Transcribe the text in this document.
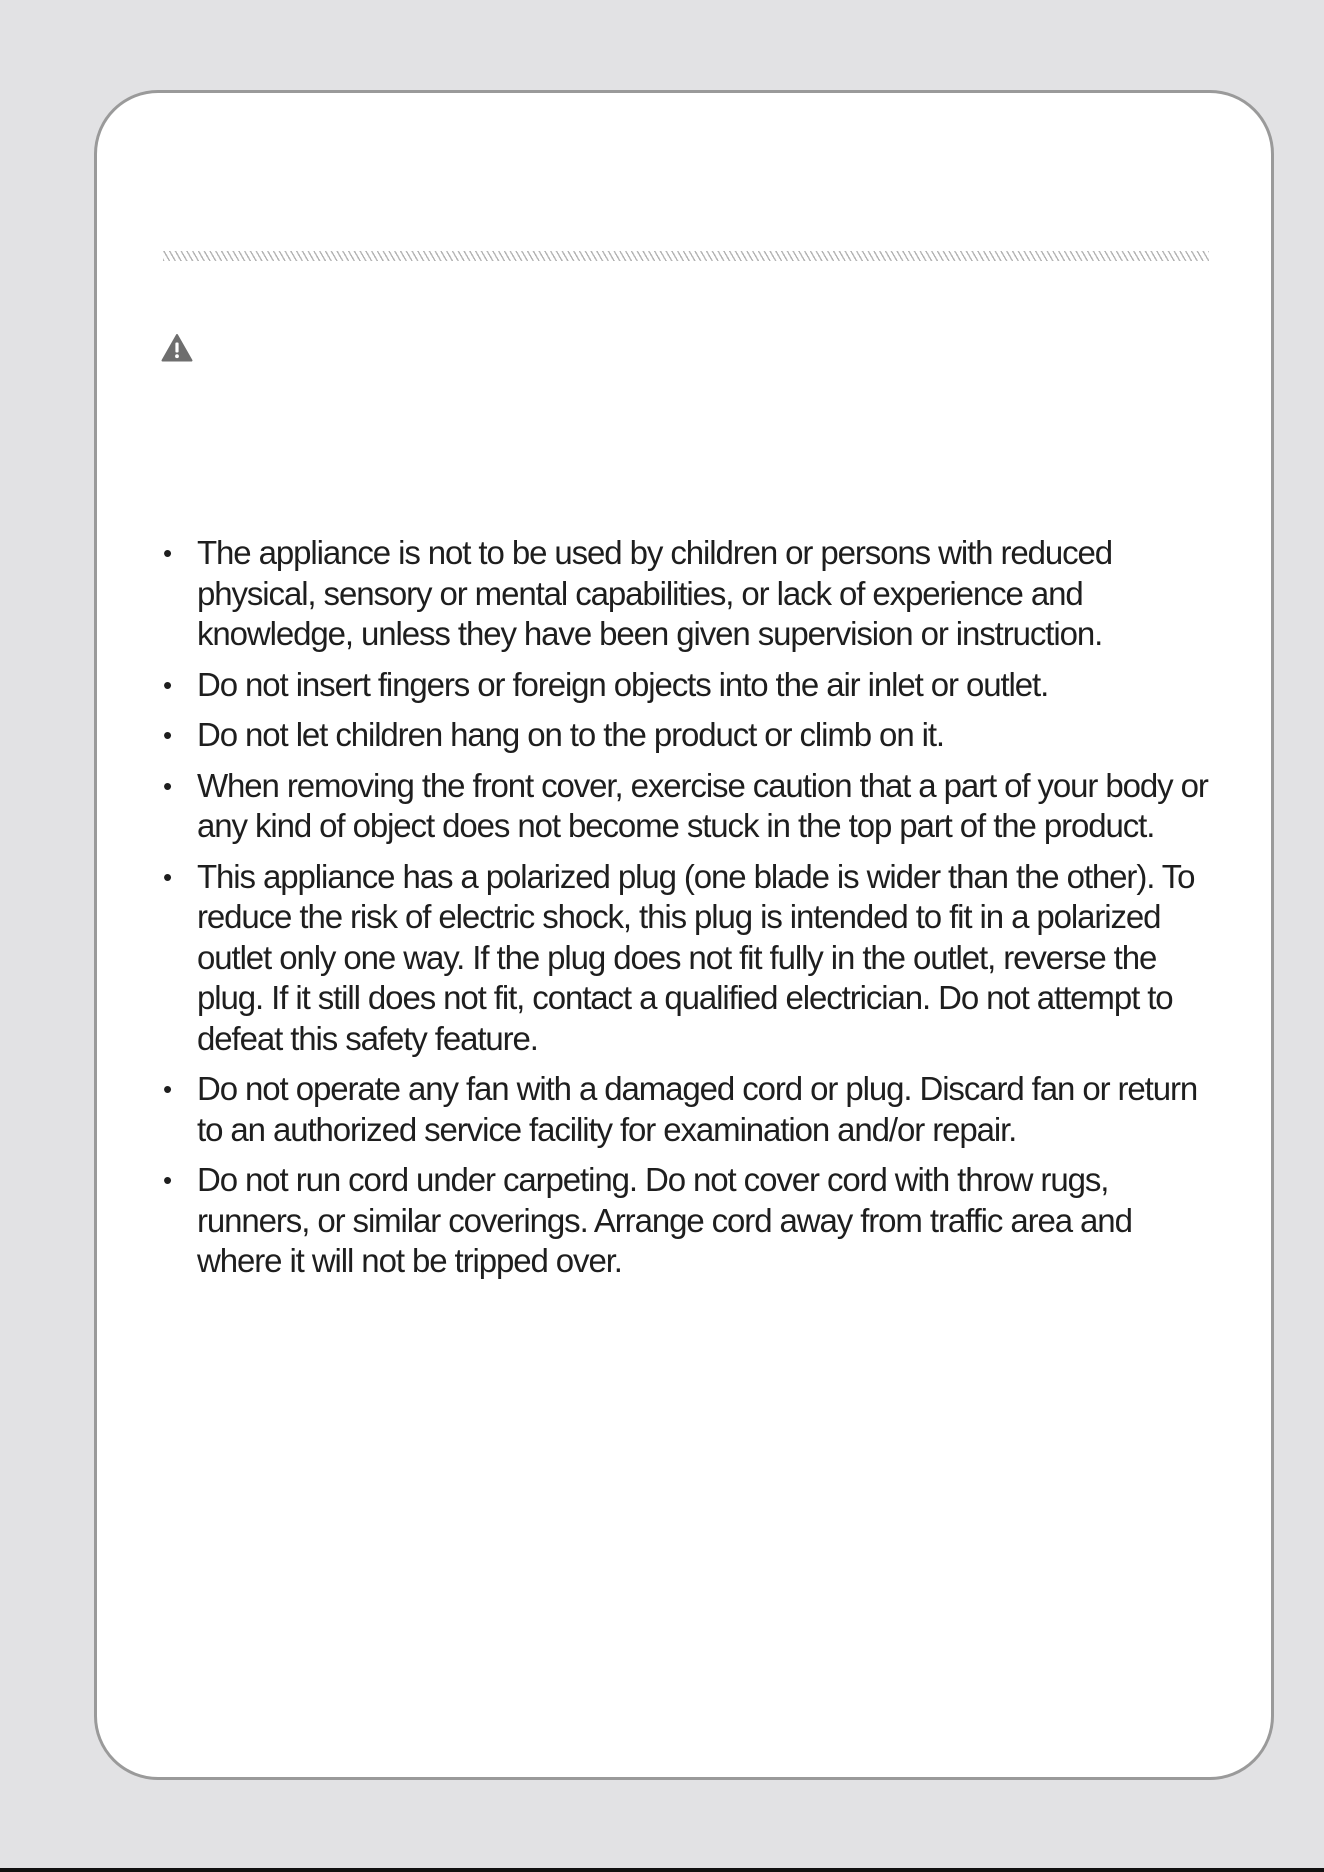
• The appliance is not to be used by children or persons with reduced physical, sensory or mental capabilities, or lack of experience and knowledge, unless they have been given supervision or instruction.
• Do not insert fingers or foreign objects into the air inlet or outlet.
• Do not let children hang on to the product or climb on it.
• When removing the front cover, exercise caution that a part of your body or any kind of object does not become stuck in the top part of the product.
• This appliance has a polarized plug (one blade is wider than the other). To reduce the risk of electric shock, this plug is intended to fit in a polarized outlet only one way. If the plug does not fit fully in the outlet, reverse the plug. If it still does not fit, contact a qualified electrician. Do not attempt to defeat this safety feature.
• Do not operate any fan with a damaged cord or plug. Discard fan or return to an authorized service facility for examination and/or repair.
• Do not run cord under carpeting. Do not cover cord with throw rugs, runners, or similar coverings. Arrange cord away from traffic area and where it will not be tripped over.
